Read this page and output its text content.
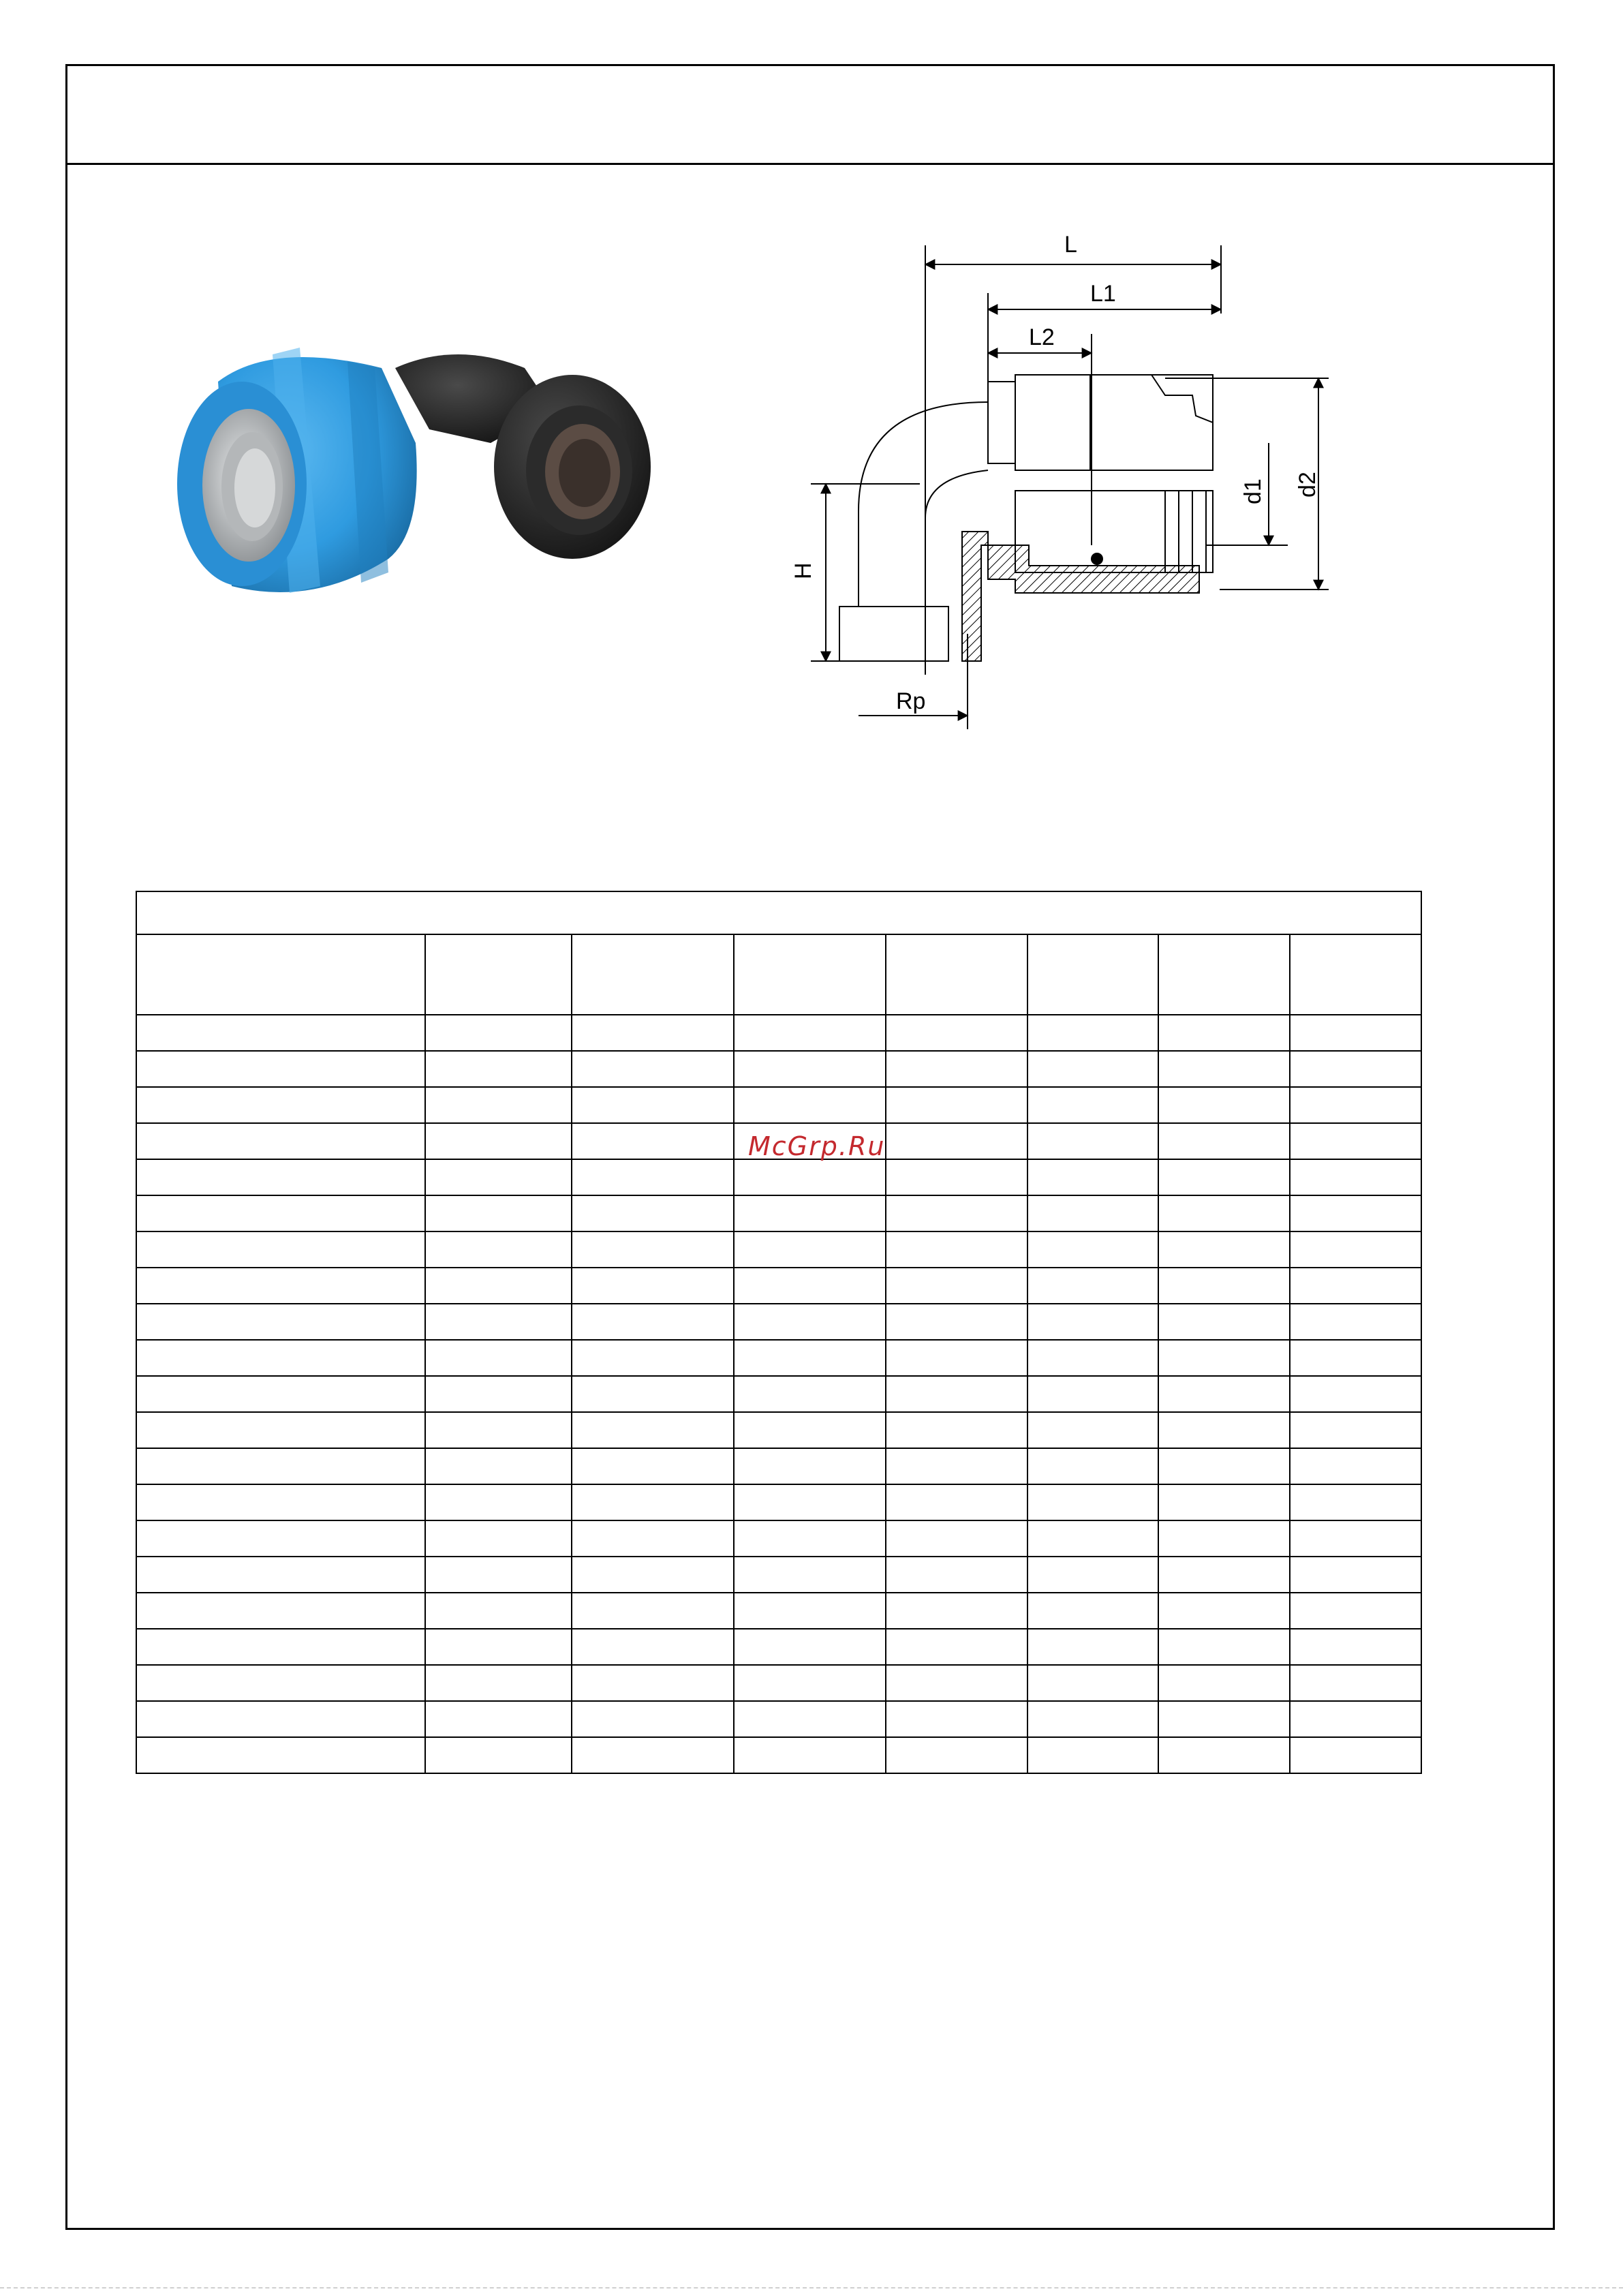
L
L1
L2
d1 d2
H
Rp

McGrp.Ru
